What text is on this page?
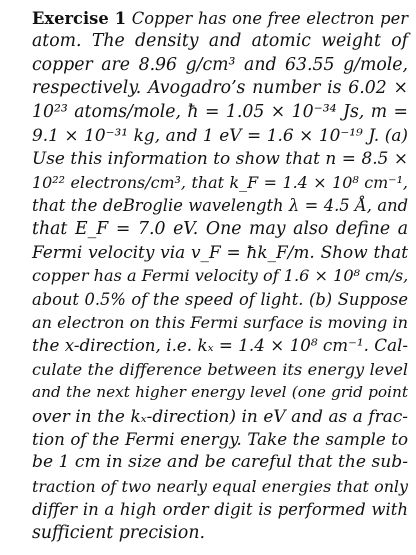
Exercise 1 Copper has one free electron per
atom. The density and atomic weight of
copper are 8.96 g/cm³ and 63.55 g/mole,
respectively. Avogadro’s number is 6.02 ×
10²³ atoms/mole, ħ = 1.05 × 10⁻³⁴ Js, m =
9.1 × 10⁻³¹ kg, and 1 eV = 1.6 × 10⁻¹⁹ J. (a)
Use this information to show that n = 8.5 ×
10²² electrons/cm³, that k_F = 1.4 × 10⁸ cm⁻¹,
that the deBroglie wavelength λ = 4.5 Å, and
that E_F = 7.0 eV. One may also define a
Fermi velocity via v_F = ħk_F/m. Show that
copper has a Fermi velocity of 1.6 × 10⁸ cm/s,
about 0.5% of the speed of light. (b) Suppose
an electron on this Fermi surface is moving in
the x-direction, i.e. kₓ = 1.4 × 10⁸ cm⁻¹. Cal-
culate the difference between its energy level
and the next higher energy level (one grid point
over in the kₓ-direction) in eV and as a frac-
tion of the Fermi energy. Take the sample to
be 1 cm in size and be careful that the sub-
traction of two nearly equal energies that only
differ in a high order digit is performed with
sufficient precision.
